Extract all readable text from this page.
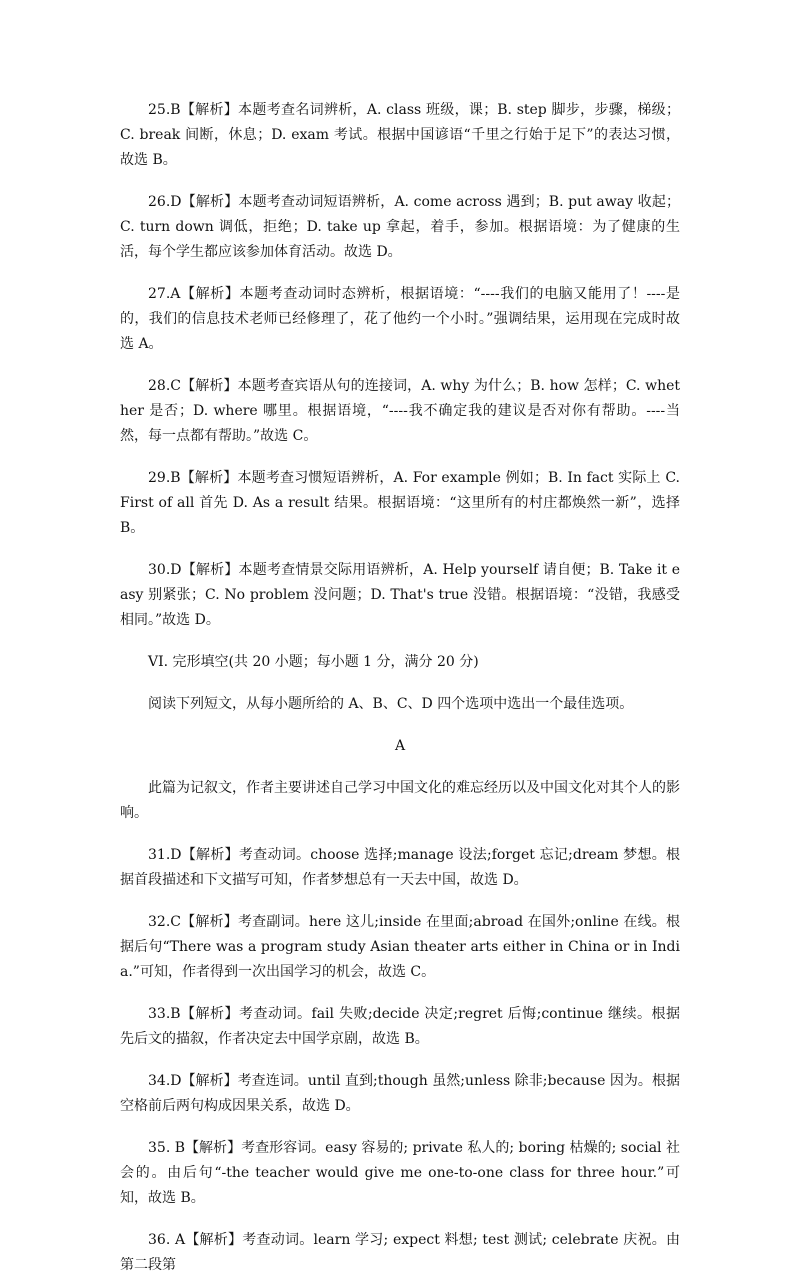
25.B【解析】本题考查名词辨析，A. class 班级，课；B. step 脚步，步骤，梯级； C. break 间断，休息；D. exam 考试。根据中国谚语“千里之行始于足下”的表达习惯，故选 B。

26.D【解析】本题考查动词短语辨析，A. come across 遇到；B. put away 收起；C. turn down 调低，拒绝；D. take up 拿起，着手，参加。根据语境：为了健康的生活，每个学生都应该参加体育活动。故选 D。

27.A【解析】本题考查动词时态辨析，根据语境：“----我们的电脑又能用了！----是的，我们的信息技术老师已经修理了，花了他约一个小时。”强调结果，运用现在完成时故选 A。

28.C【解析】本题考查宾语从句的连接词，A. why 为什么；B. how 怎样；C. whether 是否；D. where 哪里。根据语境，“----我不确定我的建议是否对你有帮助。----当然，每一点都有帮助。”故选 C。

29.B【解析】本题考查习惯短语辨析，A. For example 例如；B. In fact 实际上 C. First of all 首先 D. As a result 结果。根据语境：“这里所有的村庄都焕然一新”，选择 B。

30.D【解析】本题考查情景交际用语辨析，A. Help yourself 请自便；B. Take it easy 别紧张；C. No problem 没问题；D. That's true 没错。根据语境：“没错，我感受相同。”故选 D。

VI. 完形填空(共 20 小题；每小题 1 分，满分 20 分)

阅读下列短文，从每小题所给的 A、B、C、D 四个选项中选出一个最佳选项。

A

此篇为记叙文，作者主要讲述自己学习中国文化的难忘经历以及中国文化对其个人的影响。

31.D【解析】考查动词。choose 选择;manage 设法;forget 忘记;dream 梦想。根据首段描述和下文描写可知，作者梦想总有一天去中国，故选 D。

32.C【解析】考查副词。here 这儿;inside 在里面;abroad 在国外;online 在线。根据后句“There was a program study Asian theater arts either in China or in India.”可知，作者得到一次出国学习的机会，故选 C。

33.B【解析】考查动词。fail 失败;decide 决定;regret 后悔;continue 继续。根据先后文的描叙，作者决定去中国学京剧，故选 B。

34.D【解析】考查连词。until 直到;though 虽然;unless 除非;because 因为。根据空格前后两句构成因果关系，故选 D。

35. B【解析】考查形容词。easy 容易的; private 私人的; boring 枯燥的; social 社会的。由后句“-the teacher would give me one-to-one class for three hour.”可知，故选 B。

36. A【解析】考查动词。learn 学习; expect 料想; test 测试; celebrate 庆祝。由第二段第
